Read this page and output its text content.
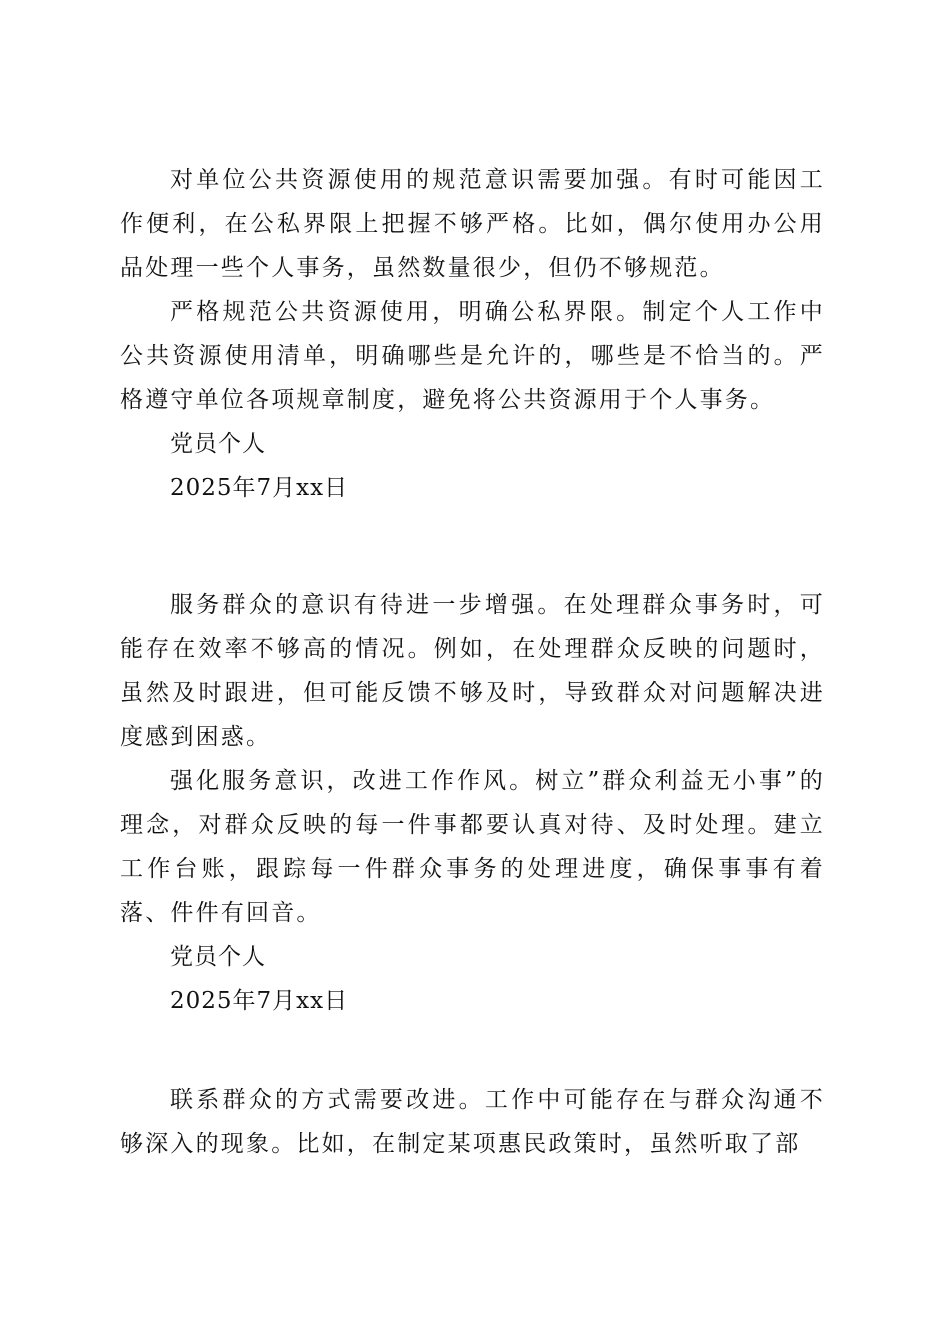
对单位公共资源使用的规范意识需要加强。有时可能因工作便利，在公私界限上把握不够严格。比如，偶尔使用办公用品处理一些个人事务，虽然数量很少，但仍不够规范。

严格规范公共资源使用，明确公私界限。制定个人工作中公共资源使用清单，明确哪些是允许的，哪些是不恰当的。严格遵守单位各项规章制度，避免将公共资源用于个人事务。

党员个人

2025年7月xx日

服务群众的意识有待进一步增强。在处理群众事务时，可能存在效率不够高的情况。例如，在处理群众反映的问题时，虽然及时跟进，但可能反馈不够及时，导致群众对问题解决进度感到困惑。

强化服务意识，改进工作作风。树立”群众利益无小事”的理念，对群众反映的每一件事都要认真对待、及时处理。建立工作台账，跟踪每一件群众事务的处理进度，确保事事有着落、件件有回音。

党员个人

2025年7月xx日

联系群众的方式需要改进。工作中可能存在与群众沟通不够深入的现象。比如，在制定某项惠民政策时，虽然听取了部
